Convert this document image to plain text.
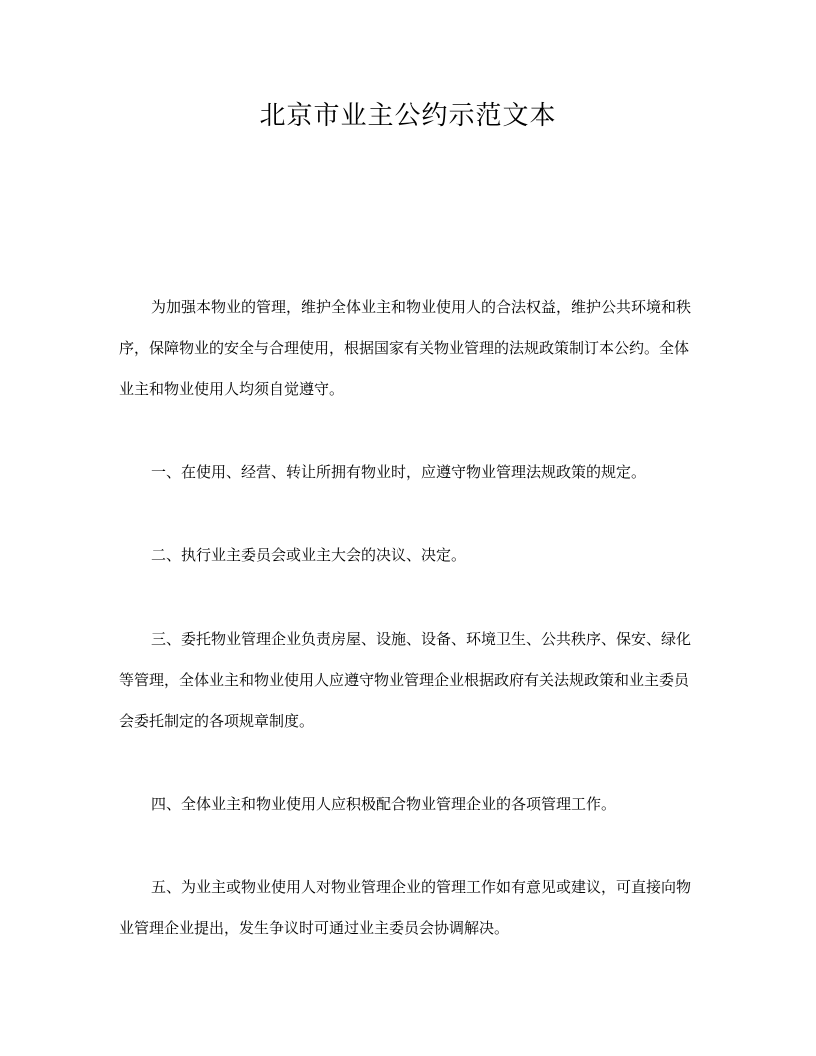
北京市业主公约示范文本

为加强本物业的管理，维护全体业主和物业使用人的合法权益，维护公共环境和秩序，保障物业的安全与合理使用，根据国家有关物业管理的法规政策制订本公约。全体业主和物业使用人均须自觉遵守。

一、在使用、经营、转让所拥有物业时，应遵守物业管理法规政策的规定。

二、执行业主委员会或业主大会的决议、决定。

三、委托物业管理企业负责房屋、设施、设备、环境卫生、公共秩序、保安、绿化等管理，全体业主和物业使用人应遵守物业管理企业根据政府有关法规政策和业主委员会委托制定的各项规章制度。

四、全体业主和物业使用人应积极配合物业管理企业的各项管理工作。

五、为业主或物业使用人对物业管理企业的管理工作如有意见或建议，可直接向物业管理企业提出，发生争议时可通过业主委员会协调解决。
